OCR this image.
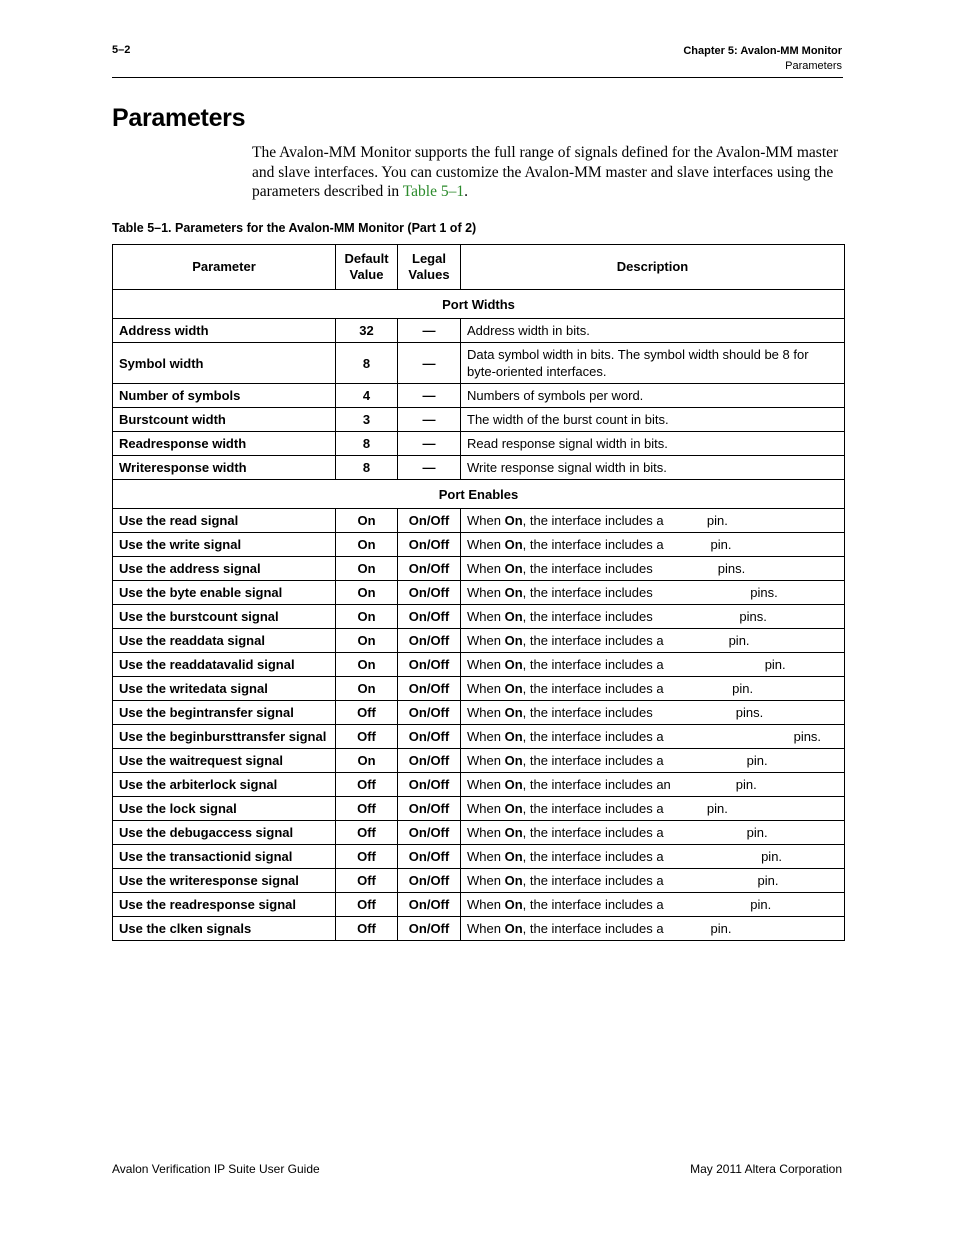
5–2	Chapter 5: Avalon-MM Monitor
Parameters
Parameters

The Avalon-MM Monitor supports the full range of signals defined for the Avalon-MM master and slave interfaces. You can customize the Avalon-MM master and slave interfaces using the parameters described in Table 5–1.

Table 5–1. Parameters for the Avalon-MM Monitor (Part 1 of 2)
Parameter	Default Value	Legal Values	Description
Port Widths			
Address width	32	—	Address width in bits.
Symbol width	8	—	Data symbol width in bits. The symbol width should be 8 for byte-oriented interfaces.
Number of symbols	4	—	Numbers of symbols per word.
Burstcount width	3	—	The width of the burst count in bits.
Readresponse width	8	—	Read response signal width in bits.
Writeresponse width	8	—	Write response signal width in bits.
Port Enables			
Use the read signal	On	On/Off	When On, the interface includes a            pin.
Use the write signal	On	On/Off	When On, the interface includes a             pin.
Use the address signal	On	On/Off	When On, the interface includes                  pins.
Use the byte enable signal	On	On/Off	When On, the interface includes                           pins.
Use the burstcount signal	On	On/Off	When On, the interface includes                        pins.
Use the readdata signal	On	On/Off	When On, the interface includes a                  pin.
Use the readdatavalid signal	On	On/Off	When On, the interface includes a                            pin.
Use the writedata signal	On	On/Off	When On, the interface includes a                   pin.
Use the begintransfer signal	Off	On/Off	When On, the interface includes                       pins.
Use the beginbursttransfer signal	Off	On/Off	When On, the interface includes a                                    pins.
Use the waitrequest signal	On	On/Off	When On, the interface includes a                       pin.
Use the arbiterlock signal	Off	On/Off	When On, the interface includes an                  pin.
Use the lock signal	Off	On/Off	When On, the interface includes a            pin.
Use the debugaccess signal	Off	On/Off	When On, the interface includes a                       pin.
Use the transactionid signal	Off	On/Off	When On, the interface includes a                           pin.
Use the writeresponse signal	Off	On/Off	When On, the interface includes a                          pin.
Use the readresponse signal	Off	On/Off	When On, the interface includes a                        pin.
Use the clken signals	Off	On/Off	When On, the interface includes a             pin.
Avalon Verification IP Suite User Guide	May 2011 Altera Corporation
